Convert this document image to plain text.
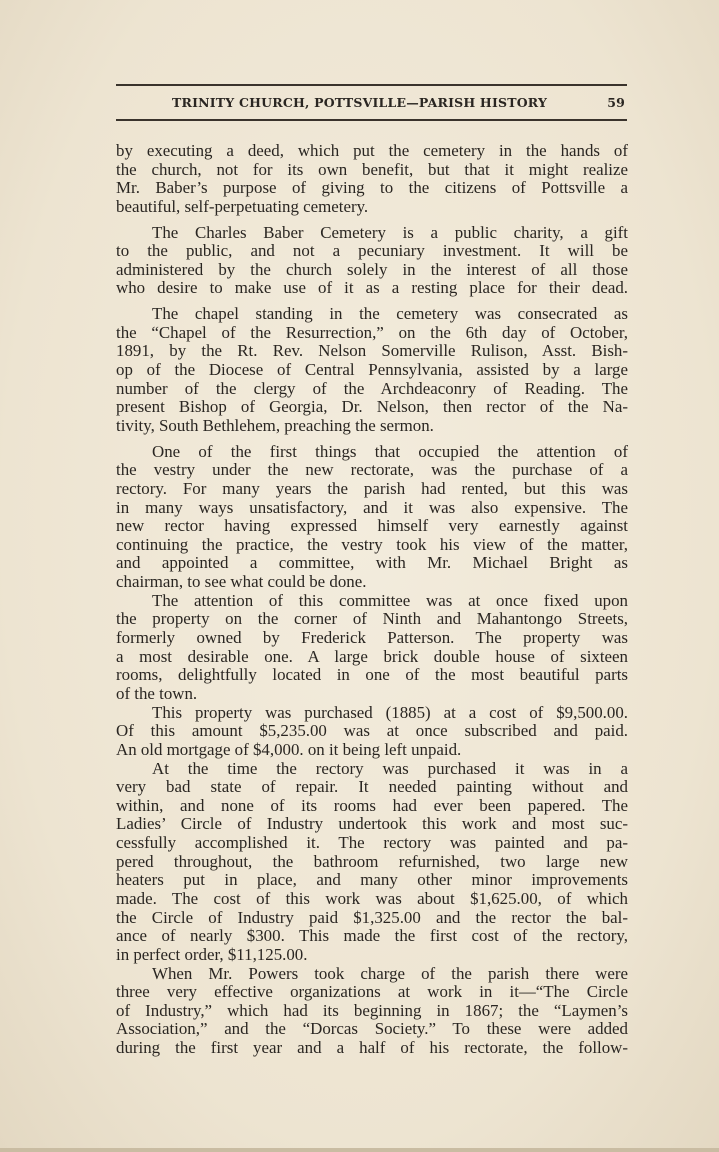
TRINITY CHURCH, POTTSVILLE—PARISH HISTORY	59
by executing a deed, which put the cemetery in the hands of
the church, not for its own benefit, but that it might realize
Mr. Baber’s purpose of giving to the citizens of Pottsville a
beautiful, self-perpetuating cemetery.
The Charles Baber Cemetery is a public charity, a gift
to the public, and not a pecuniary investment. It will be
administered by the church solely in the interest of all those
who desire to make use of it as a resting place for their dead.
The chapel standing in the cemetery was consecrated as
the “Chapel of the Resurrection,” on the 6th day of October,
1891, by the Rt. Rev. Nelson Somerville Rulison, Asst. Bish-
op of the Diocese of Central Pennsylvania, assisted by a large
number of the clergy of the Archdeaconry of Reading. The
present Bishop of Georgia, Dr. Nelson, then rector of the Na-
tivity, South Bethlehem, preaching the sermon.
One of the first things that occupied the attention of
the vestry under the new rectorate, was the purchase of a
rectory. For many years the parish had rented, but this was
in many ways unsatisfactory, and it was also expensive. The
new rector having expressed himself very earnestly against
continuing the practice, the vestry took his view of the matter,
and appointed a committee, with Mr. Michael Bright as
chairman, to see what could be done.
The attention of this committee was at once fixed upon
the property on the corner of Ninth and Mahantongo Streets,
formerly owned by Frederick Patterson. The property was
a most desirable one. A large brick double house of sixteen
rooms, delightfully located in one of the most beautiful parts
of the town.
This property was purchased (1885) at a cost of $9,500.00.
Of this amount $5,235.00 was at once subscribed and paid.
An old mortgage of $4,000. on it being left unpaid.
At the time the rectory was purchased it was in a
very bad state of repair. It needed painting without and
within, and none of its rooms had ever been papered. The
Ladies’ Circle of Industry undertook this work and most suc-
cessfully accomplished it. The rectory was painted and pa-
pered throughout, the bathroom refurnished, two large new
heaters put in place, and many other minor improvements
made. The cost of this work was about $1,625.00, of which
the Circle of Industry paid $1,325.00 and the rector the bal-
ance of nearly $300. This made the first cost of the rectory,
in perfect order, $11,125.00.
When Mr. Powers took charge of the parish there were
three very effective organizations at work in it—“The Circle
of Industry,” which had its beginning in 1867; the “Laymen’s
Association,” and the “Dorcas Society.” To these were added
during the first year and a half of his rectorate, the follow-
